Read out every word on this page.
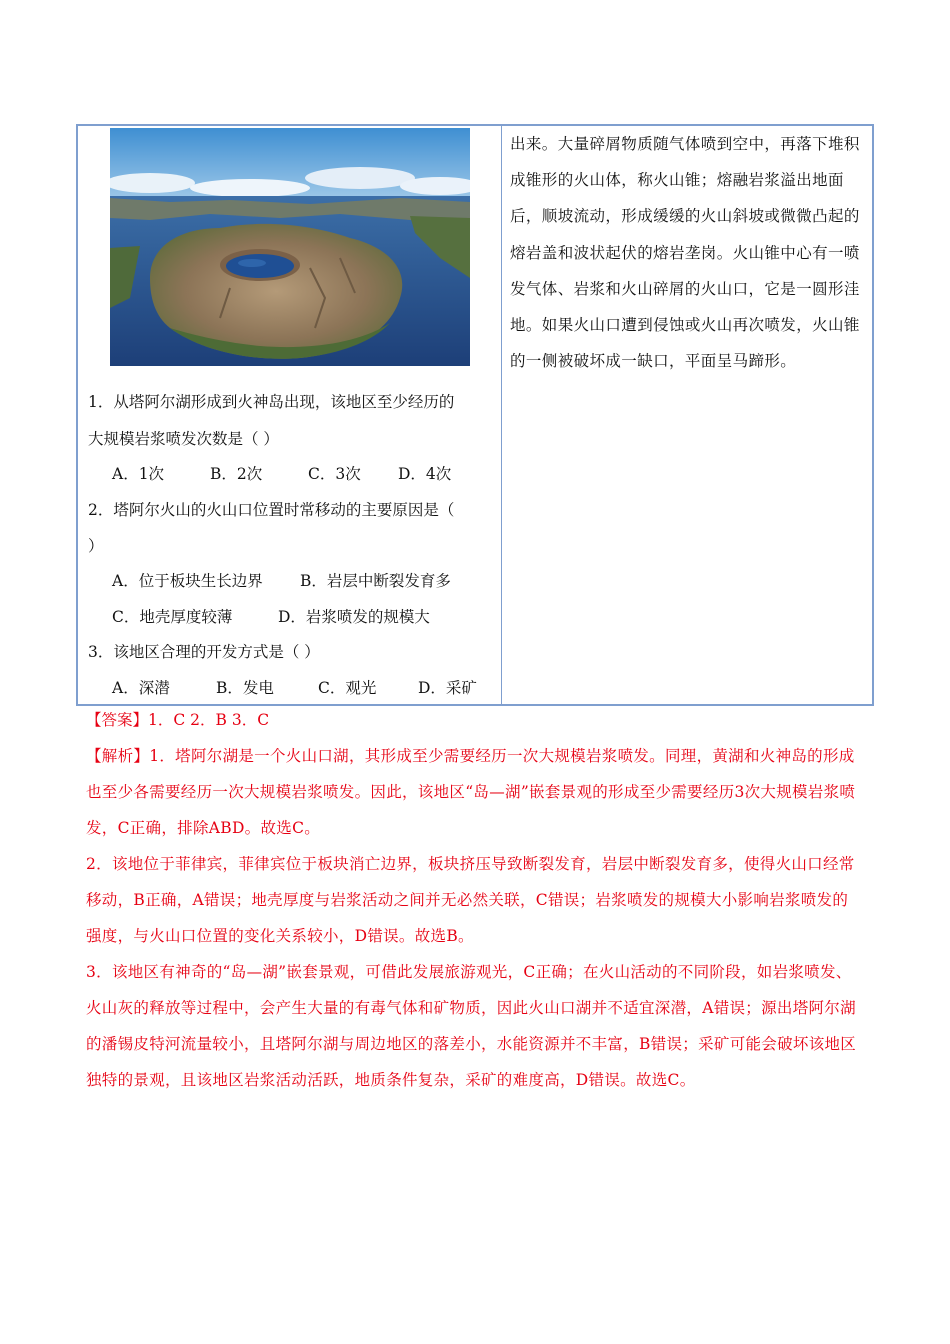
1．从塔阿尔湖形成到火神岛出现，该地区至少经历的
大规模岩浆喷发次数是（ ）
A．1次	B．2次	C．3次 D．4次
2．塔阿尔火山的火山口位置时常移动的主要原因是（
）
A．位于板块生长边界 B．岩层中断裂发育多
C．地壳厚度较薄	D．岩浆喷发的规模大
3．该地区合理的开发方式是（ ）
A．深潜	B．发电	C．观光	D．采矿
出来。大量碎屑物质随气体喷到空中，再落下堆积成锥形的火山体，称火山锥；熔融岩浆溢出地面后，顺坡流动，形成缓缓的火山斜坡或微微凸起的熔岩盖和波状起伏的熔岩垄岗。火山锥中心有一喷发气体、岩浆和火山碎屑的火山口，它是一圆形洼地。如果火山口遭到侵蚀或火山再次喷发，火山锥的一侧被破坏成一缺口，平面呈马蹄形。
【答案】1．C 2．B 3．C
【解析】1．塔阿尔湖是一个火山口湖，其形成至少需要经历一次大规模岩浆喷发。同理，黄湖和火神岛的形成也至少各需要经历一次大规模岩浆喷发。因此，该地区“岛—湖”嵌套景观的形成至少需要经历3次大规模岩浆喷发，C正确，排除ABD。故选C。
2．该地位于菲律宾，菲律宾位于板块消亡边界，板块挤压导致断裂发育，岩层中断裂发育多，使得火山口经常移动，B正确，A错误；地壳厚度与岩浆活动之间并无必然关联，C错误；岩浆喷发的规模大小影响岩浆喷发的强度，与火山口位置的变化关系较小，D错误。故选B。
3．该地区有神奇的“岛—湖”嵌套景观，可借此发展旅游观光，C正确；在火山活动的不同阶段，如岩浆喷发、火山灰的释放等过程中，会产生大量的有毒气体和矿物质，因此火山口湖并不适宜深潜，A错误；源出塔阿尔湖的潘锡皮特河流量较小，且塔阿尔湖与周边地区的落差小，水能资源并不丰富，B错误；采矿可能会破坏该地区独特的景观，且该地区岩浆活动活跃，地质条件复杂，采矿的难度高，D错误。故选C。
